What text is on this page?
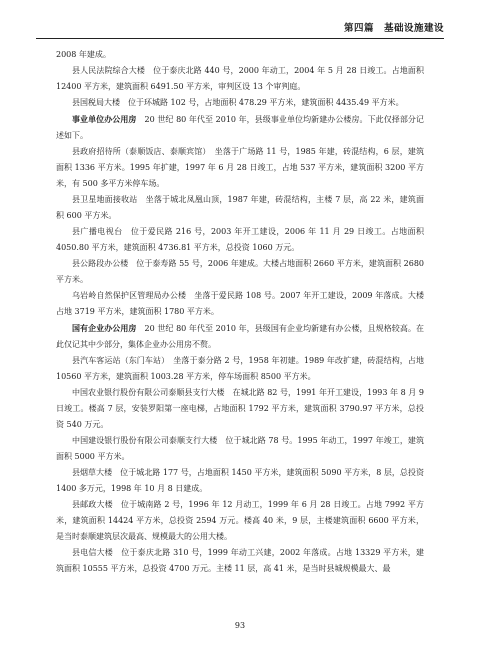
第四篇　基础设施建设

2008 年建成。

县人民法院综合大楼　位于泰庆北路 440 号，2000 年动工，2004 年 5 月 28 日竣工。占地面积 12400 平方米，建筑面积 6491.50 平方米，审判区设 13 个审判庭。

县国税局大楼　位于环城路 102 号，占地面积 478.29 平方米，建筑面积 4435.49 平方米。

事业单位办公用房　20 世纪 80 年代至 2010 年，县级事业单位均新建办公楼房。下此仅择部分记述如下。

县政府招待所（泰顺饭店、泰顺宾馆）　坐落于广场路 11 号，1985 年建，砖混结构，6 层，建筑面积 1336 平方米。1995 年扩建，1997 年 6 月 28 日竣工，占地 537 平方米，建筑面积 3200 平方米，有 500 多平方米停车场。

县卫星地面接收站　坐落于城北凤凰山顶，1987 年建，砖混结构，主楼 7 层，高 22 米，建筑面积 600 平方米。

县广播电视台　位于爱民路 216 号，2003 年开工建设，2006 年 11 月 29 日竣工。占地面积 4050.80 平方米，建筑面积 4736.81 平方米，总投资 1060 万元。

县公路段办公楼　位于泰寿路 55 号，2006 年建成。大楼占地面积 2660 平方米，建筑面积 2680 平方米。

乌岩岭自然保护区管理局办公楼　坐落于爱民路 108 号。2007 年开工建设，2009 年落成。大楼占地 3719 平方米，建筑面积 1780 平方米。

国有企业办公用房　20 世纪 80 年代至 2010 年，县级国有企业均新建有办公楼，且规格较高。在此仅记其中少部分，集体企业办公用房不赘。

县汽车客运站（东门车站）　坐落于泰分路 2 号，1958 年初建。1989 年改扩建，砖混结构，占地 10560 平方米，建筑面积 1003.28 平方米，停车场面积 8500 平方米。

中国农业银行股份有限公司泰顺县支行大楼　在城北路 82 号，1991 年开工建设，1993 年 8 月 9 日竣工。楼高 7 层，安装罗阳第一座电梯，占地面积 1792 平方米，建筑面积 3790.97 平方米，总投资 540 万元。

中国建设银行股份有限公司泰顺支行大楼　位于城北路 78 号。1995 年动工，1997 年竣工，建筑面积 5000 平方米。

县烟草大楼　位于城北路 177 号，占地面积 1450 平方米，建筑面积 5090 平方米，8 层，总投资 1400 多万元，1998 年 10 月 8 日建成。

县邮政大楼　位于城南路 2 号，1996 年 12 月动工，1999 年 6 月 28 日竣工。占地 7992 平方米，建筑面积 14424 平方米，总投资 2594 万元。楼高 40 米，9 层，主楼建筑面积 6600 平方米，是当时泰顺建筑层次最高、规模最大的公用大楼。

县电信大楼　位于泰庆北路 310 号，1999 年动工兴建，2002 年落成。占地 13329 平方米，建筑面积 10555 平方米，总投资 4700 万元。主楼 11 层，高 41 米，是当时县城规模最大、最

93
